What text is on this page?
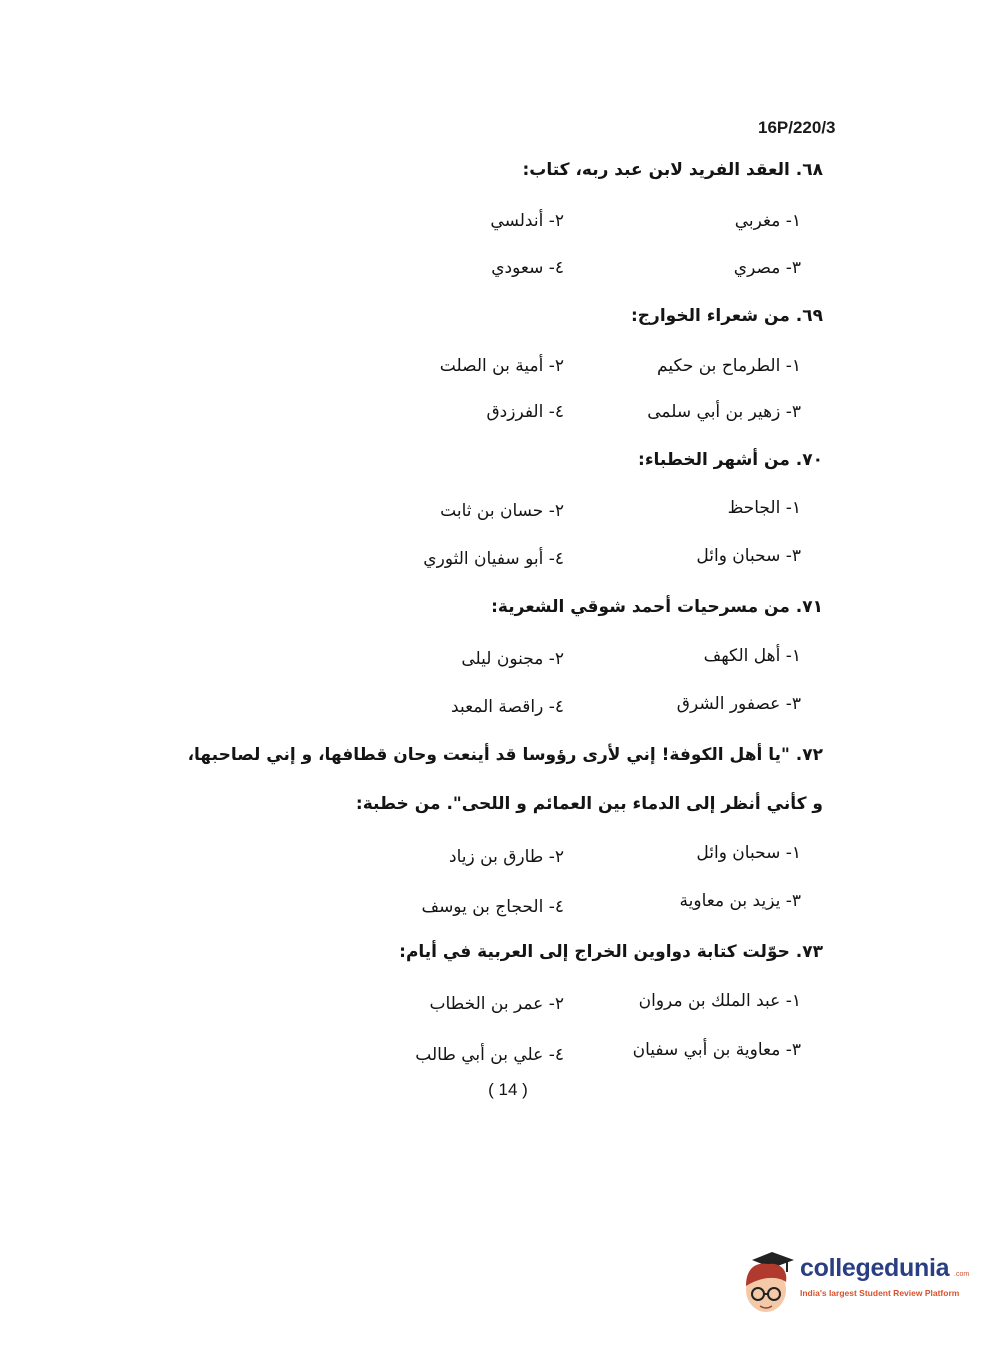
16P/220/3
٦٨. العقد الفريد لابن عبد ربه، كتاب:
١- مغربي
٢- أندلسي
٣- مصري
٤- سعودي
٦٩. من شعراء الخوارج:
١- الطرماح بن حكيم
٢- أمية بن الصلت
٣- زهير بن أبي سلمى
٤- الفرزدق
٧٠. من أشهر الخطباء:
١- الجاحظ
٢- حسان بن ثابت
٣- سحبان وائل
٤- أبو سفيان الثوري
٧١. من مسرحيات أحمد شوقي الشعرية:
١- أهل الكهف
٢- مجنون ليلى
٣- عصفور الشرق
٤- راقصة المعبد
٧٢. "يا أهل الكوفة! إني لأرى رؤوسا قد أينعت وحان قطافها، و إني لصاحبها،
و كأني أنظر إلى الدماء بين العمائم و اللحى". من خطبة:
١- سحبان وائل
٢- طارق بن زياد
٣- يزيد بن معاوية
٤- الحجاج بن يوسف
٧٣. حوّلت كتابة دواوين الخراج إلى العربية في أيام:
١- عبد الملك بن مروان
٢- عمر بن الخطاب
٣- معاوية بن أبي سفيان
٤- علي بن أبي طالب
( 14 )
collegedunia .com
India's largest Student Review Platform
